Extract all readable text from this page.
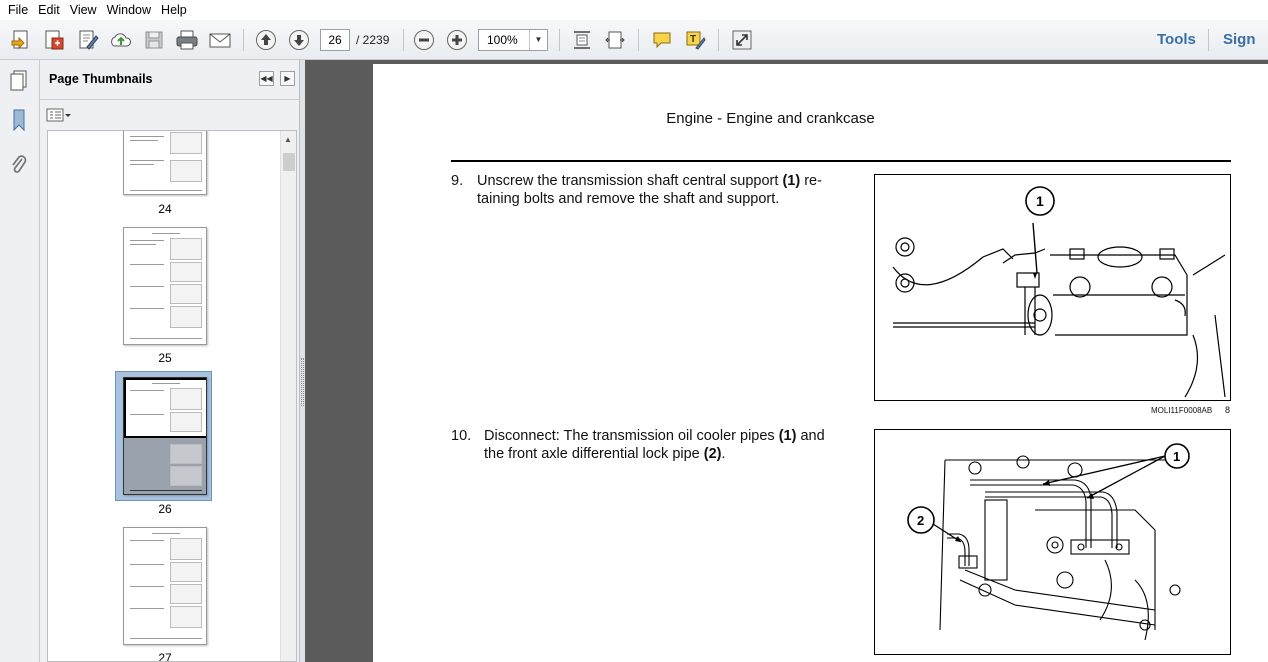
File Edit View Window Help
26	/ 2239	100%	▼	T	Tools Sign
Page Thumbnails	◀◀	▶
24
25
26
27
▲
Engine - Engine and crankcase
9. Unscrew the transmission shaft central support (1) re-
taining bolts and remove the shaft and support.	1
MOLI11F0008AB 8
10. Disconnect: The transmission oil cooler pipes (1) and
the front axle differential lock pipe (2).	1
2
